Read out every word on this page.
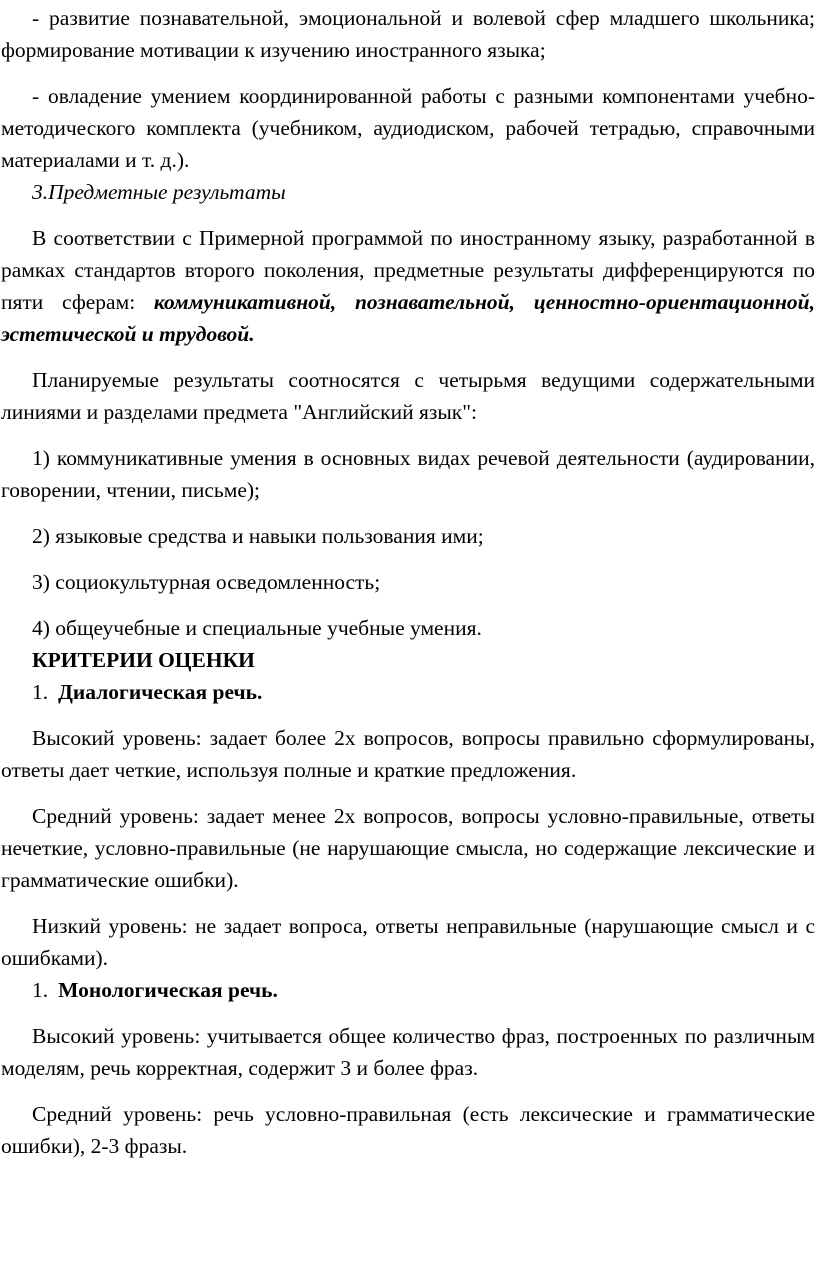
- развитие познавательной, эмоциональной и волевой сфер младшего школьника; формирование мотивации к изучению иностранного языка;

- овладение умением координированной работы с разными компонентами учебно- методического комплекта (учебником, аудиодиском, рабочей тетрадью, справочными материалами и т. д.).

3.Предметные результаты

В соответствии с Примерной программой по иностранному языку, разработанной в рамках стандартов второго поколения, предметные результаты дифференцируются по пяти сферам: коммуникативной, познавательной, ценностно-ориентационной, эстетической и трудовой.

Планируемые результаты соотносятся с четырьмя ведущими содержательными линиями и разделами предмета "Английский язык":

1) коммуникативные умения в основных видах речевой деятельности (аудировании, говорении, чтении, письме);

2) языковые средства и навыки пользования ими;

3) социокультурная осведомленность;

4) общеучебные и специальные учебные умения.

КРИТЕРИИ ОЦЕНКИ

1. Диалогическая речь.

Высокий уровень: задает более 2х вопросов, вопросы правильно сформулированы, ответы дает четкие, используя полные и краткие предложения.

Средний уровень: задает менее 2х вопросов, вопросы условно-правильные, ответы нечеткие, условно-правильные (не нарушающие смысла, но содержащие лексические и грамматические ошибки).

Низкий уровень: не задает вопроса, ответы неправильные (нарушающие смысл и с ошибками).

1. Монологическая речь.

Высокий уровень: учитывается общее количество фраз, построенных по различным моделям, речь корректная, содержит 3 и более фраз.

Средний уровень: речь условно-правильная (есть лексические и грамматические ошибки), 2-3 фразы.
